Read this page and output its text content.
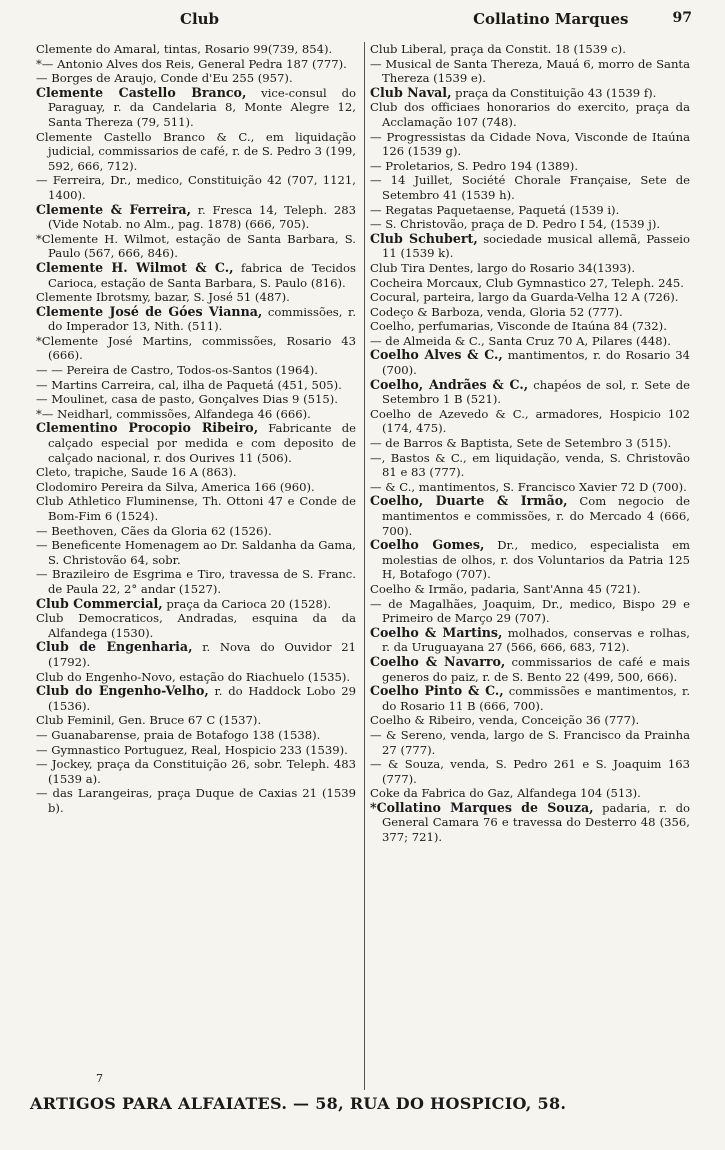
Club	Collatino Marques	97

Clemente do Amaral, tintas, Rosario 99(739, 854).

*— Antonio Alves dos Reis, General Pedra 187 (777).

— Borges de Araujo, Conde d'Eu 255 (957).

Clemente Castello Branco, vice-consul do Paraguay, r. da Candelaria 8, Monte Alegre 12, Santa Thereza (79, 511).

Clemente Castello Branco & C., em liquidação judicial, commissarios de café, r. de S. Pedro 3 (199, 592, 666, 712).

— Ferreira, Dr., medico, Constituição 42 (707, 1121, 1400).

Clemente & Ferreira, r. Fresca 14, Teleph. 283 (Vide Notab. no Alm., pag. 1878) (666, 705).

*Clemente H. Wilmot, estação de Santa Barbara, S. Paulo (567, 666, 846).

Clemente H. Wilmot & C., fabrica de Tecidos Carioca, estação de Santa Barbara, S. Paulo (816).

Clemente Ibrotsmy, bazar, S. José 51 (487).

Clemente José de Góes Vianna, commissões, r. do Imperador 13, Nith. (511).

*Clemente José Martins, commissões, Rosario 43 (666).

— — Pereira de Castro, Todos-os-Santos (1964).

— Martins Carreira, cal, ilha de Paquetá (451, 505).

— Moulinet, casa de pasto, Gonçalves Dias 9 (515).

*— Neidharl, commissões, Alfandega 46 (666).

Clementino Procopio Ribeiro, Fabricante de calçado especial por medida e com deposito de calçado nacional, r. dos Ourives 11 (506).

Cleto, trapiche, Saude 16 A (863).

Clodomiro Pereira da Silva, America 166 (960).

Club Athletico Fluminense, Th. Ottoni 47 e Conde de Bom-Fim 6 (1524).

— Beethoven, Cães da Gloria 62 (1526).

— Beneficente Homenagem ao Dr. Saldanha da Gama, S. Christovão 64, sobr.

— Brazileiro de Esgrima e Tiro, travessa de S. Franc. de Paula 22, 2° andar (1527).

Club Commercial, praça da Carioca 20 (1528).

Club Democraticos, Andradas, esquina da da Alfandega (1530).

Club de Engenharia, r. Nova do Ouvidor 21 (1792).

Club do Engenho-Novo, estação do Riachuelo (1535).

Club do Engenho-Velho, r. do Haddock Lobo 29 (1536).

Club Feminil, Gen. Bruce 67 C (1537).

— Guanabarense, praia de Botafogo 138 (1538).

— Gymnastico Portuguez, Real, Hospicio 233 (1539).

— Jockey, praça da Constituição 26, sobr. Teleph. 483 (1539 a).

— das Larangeiras, praça Duque de Caxias 21 (1539 b).

Club Liberal, praça da Constit. 18 (1539 c).

— Musical de Santa Thereza, Mauá 6, morro de Santa Thereza (1539 e).

Club Naval, praça da Constituição 43 (1539 f).

Club dos officiaes honorarios do exercito, praça da Acclamação 107 (748).

— Progressistas da Cidade Nova, Visconde de Itaúna 126 (1539 g).

— Proletarios, S. Pedro 194 (1389).

— 14 Juillet, Société Chorale Française, Sete de Setembro 41 (1539 h).

— Regatas Paquetaense, Paquetá (1539 i).

— S. Christovão, praça de D. Pedro I 54, (1539 j).

Club Schubert, sociedade musical allemã, Passeio 11 (1539 k).

Club Tira Dentes, largo do Rosario 34(1393).

Cocheira Morcaux, Club Gymnastico 27, Teleph. 245.

Cocural, parteira, largo da Guarda-Velha 12 A (726).

Codeço & Barboza, venda, Gloria 52 (777).

Coelho, perfumarias, Visconde de Itaúna 84 (732).

— de Almeida & C., Santa Cruz 70 A, Pilares (448).

Coelho Alves & C., mantimentos, r. do Rosario 34 (700).

Coelho, Andrães & C., chapéos de sol, r. Sete de Setembro 1 B (521).

Coelho de Azevedo & C., armadores, Hospicio 102 (174, 475).

— de Barros & Baptista, Sete de Setembro 3 (515).

—, Bastos & C., em liquidação, venda, S. Christovão 81 e 83 (777).

— & C., mantimentos, S. Francisco Xavier 72 D (700).

Coelho, Duarte & Irmão, Com negocio de mantimentos e commissões, r. do Mercado 4 (666, 700).

Coelho Gomes, Dr., medico, especialista em molestias de olhos, r. dos Voluntarios da Patria 125 H, Botafogo (707).

Coelho & Irmão, padaria, Sant'Anna 45 (721).

— de Magalhães, Joaquim, Dr., medico, Bispo 29 e Primeiro de Março 29 (707).

Coelho & Martins, molhados, conservas e rolhas, r. da Uruguayana 27 (566, 666, 683, 712).

Coelho & Navarro, commissarios de café e mais generos do paiz, r. de S. Bento 22 (499, 500, 666).

Coelho Pinto & C., commissões e mantimentos, r. do Rosario 11 B (666, 700).

Coelho & Ribeiro, venda, Conceição 36 (777).

— & Sereno, venda, largo de S. Francisco da Prainha 27 (777).

— & Souza, venda, S. Pedro 261 e S. Joaquim 163 (777).

Coke da Fabrica do Gaz, Alfandega 104 (513).

*Collatino Marques de Souza, padaria, r. do General Camara 76 e travessa do Desterro 48 (356, 377; 721).

7
ARTIGOS PARA ALFAIATES. — 58, RUA DO HOSPICIO, 58.
